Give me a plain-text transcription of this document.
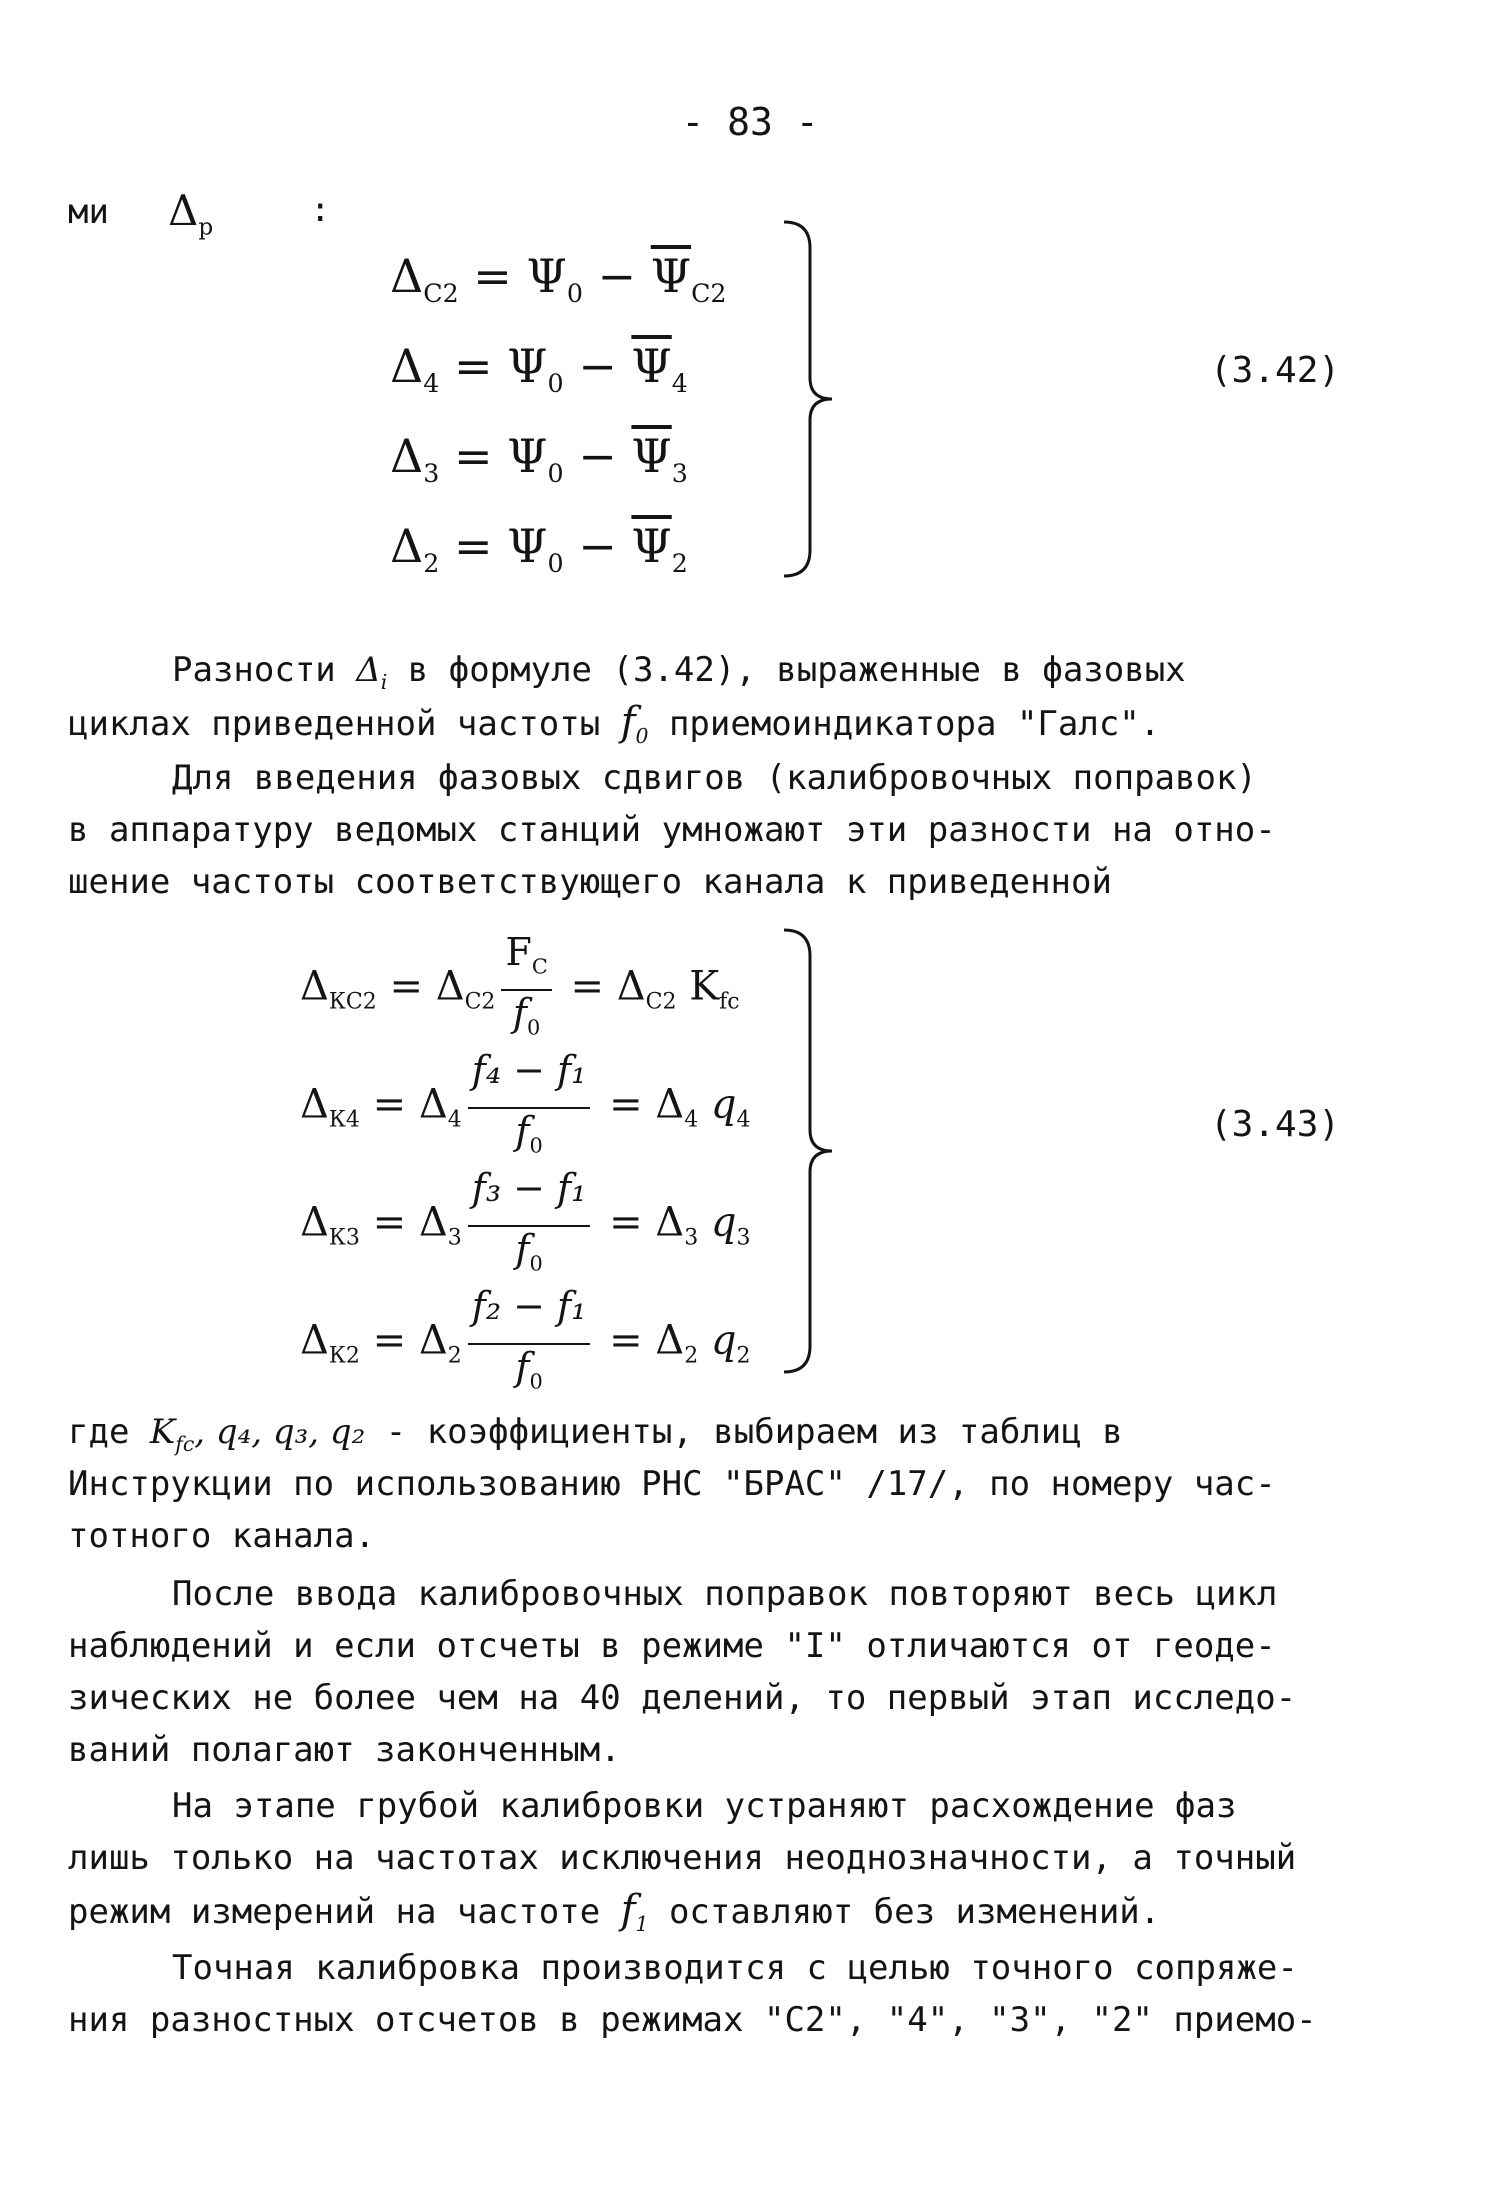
- 83 -
ми $\Delta_р$	:
$\Delta_{С2} = \Psi_0 - \overline{\Psi}_{С2}$
$\Delta_4 = \Psi_0 - \overline{\Psi}_4$
$\Delta_3 = \Psi_0 - \overline{\Psi}_3$
$\Delta_2 = \Psi_0 - \overline{\Psi}_2$
(3.42)
Разности $\Delta_i$ в формуле (3.42), выраженные в фазовых
циклах приведенной частоты $f_0$ приемоиндикатора "Галс".
Для введения фазовых сдвигов (калибровочных поправок)
в аппаратуру ведомых станций умножают эти разности на отно-
шение частоты соответствующего канала к приведенной
$\Delta_{КС2} = \Delta_{С2} \frac{F_С}{f_0} = \Delta_{С2}$ $K_{fc}$
$\Delta_{К4} = \Delta_4 \frac{\text{f₄ − f₁}}{f_0} = \Delta_4$ $q_4$
$\Delta_{К3} = \Delta_3 \frac{\text{f₃ − f₁}}{f_0} = \Delta_3$ $q_3$
$\Delta_{К2} = \Delta_2 \frac{\text{f₂ − f₁}}{f_0} = \Delta_2$ $q_2$
(3.43)
где $K_{fc}$, q₄, q₃, q₂ - коэффициенты, выбираем из таблиц в
Инструкции по использованию РНС "БРАС" /17/, по номеру час-
тотного канала.
После ввода калибровочных поправок повторяют весь цикл
наблюдений и если отсчеты в режиме "I" отличаются от геоде-
зических не более чем на 40 делений, то первый этап исследо-
ваний полагают законченным.
На этапе грубой калибровки устраняют расхождение фаз
лишь только на частотах исключения неоднозначности, а точный
режим измерений на частоте $f_1$ оставляют без изменений.
Точная калибровка производится с целью точного сопряже-
ния разностных отсчетов в режимах "С2", "4", "3", "2" приемо-
